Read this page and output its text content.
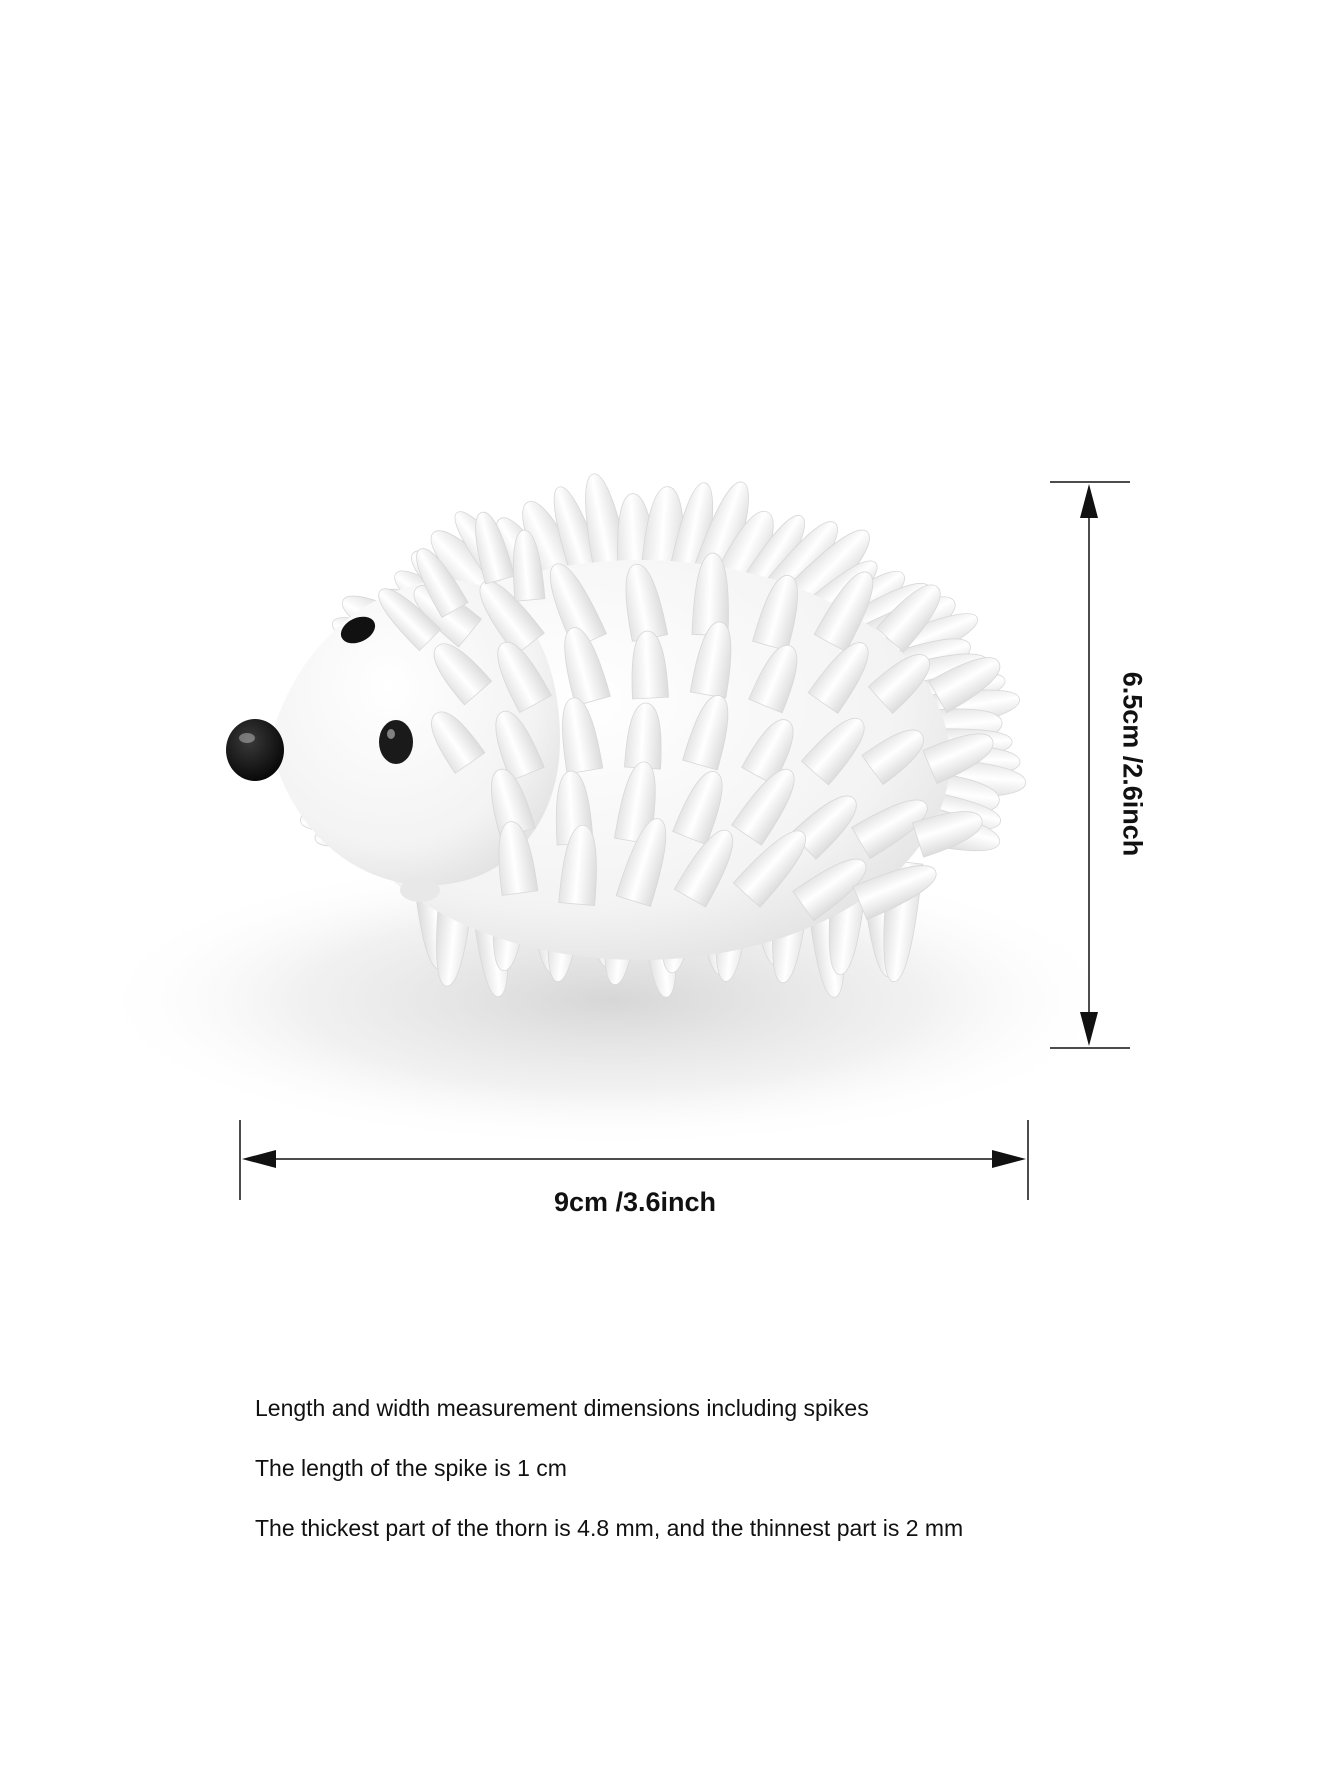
9cm /3.6inch
6.5cm /2.6inch
Length and width measurement dimensions including spikes
The length of the spike is 1 cm
The thickest part of the thorn is 4.8 mm, and the thinnest part is 2 mm
